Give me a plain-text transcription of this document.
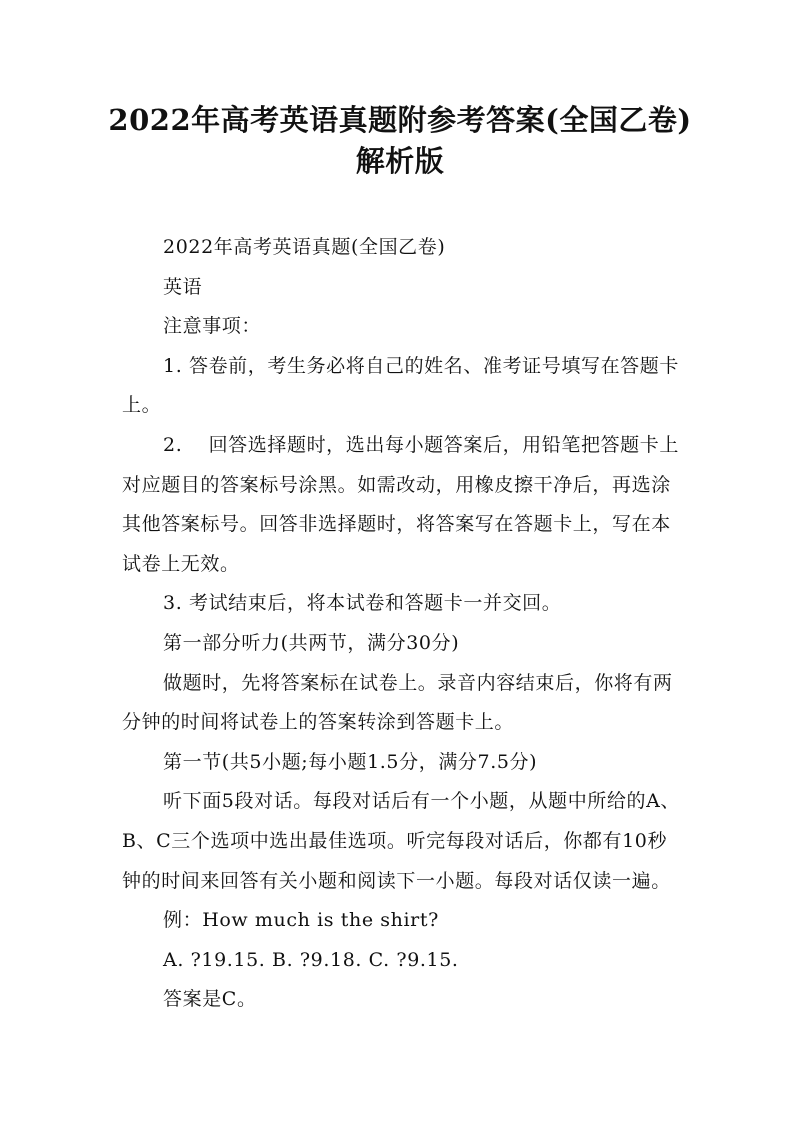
2022年高考英语真题附参考答案(全国乙卷)
解析版

2022年高考英语真题(全国乙卷)

英语

注意事项：

1. 答卷前，考生务必将自己的姓名、准考证号填写在答题卡上。

2.　 回答选择题时，选出每小题答案后，用铅笔把答题卡上对应题目的答案标号涂黑。如需改动，用橡皮擦干净后，再选涂其他答案标号。回答非选择题时，将答案写在答题卡上，写在本试卷上无效。

3. 考试结束后，将本试卷和答题卡一并交回。

第一部分听力(共两节，满分30分)

做题时，先将答案标在试卷上。录音内容结束后，你将有两分钟的时间将试卷上的答案转涂到答题卡上。

第一节(共5小题;每小题1.5分，满分7.5分)

听下面5段对话。每段对话后有一个小题，从题中所给的A、B、C三个选项中选出最佳选项。听完每段对话后，你都有10秒钟的时间来回答有关小题和阅读下一小题。每段对话仅读一遍。

例：How much is the shirt?

A. ?19.15. B. ?9.18. C. ?9.15.

答案是C。
